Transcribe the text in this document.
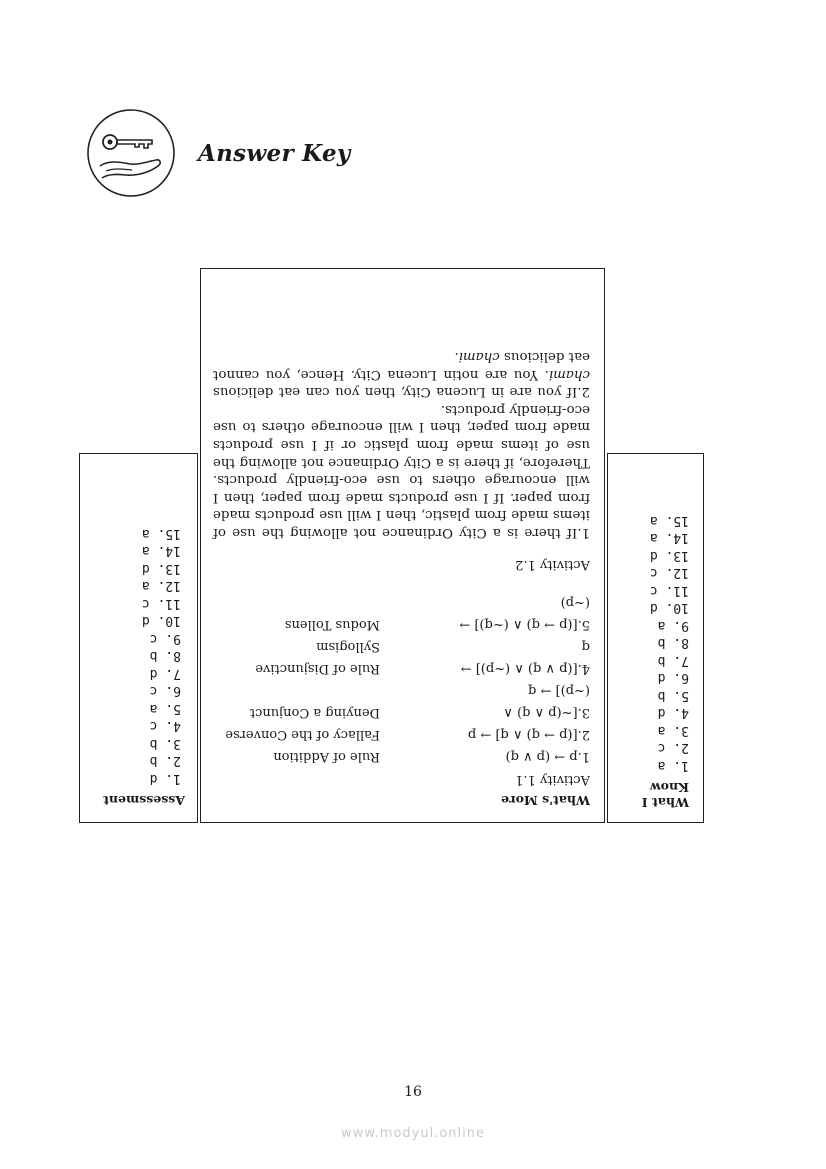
Answer Key
What I
Know
1. a
2. c
3. a
4. d
5. b
6. d
7. b
8. b
9. a
10. d
11. c
12. c
13. d
14. a
15. a
What's More
Activity 1.1
1.p → (p ∨ q)
Rule of Addition
2.[(p → q) ∧ q] → p
Fallacy of the Converse
3.[~(p ∧ q) ∧
Denying a Conjunct
(~p)] → q
4.[(p ∨ q) ∧ (~p)] →
Rule of Disjunctive
q
Syllogism
5.[(p → q) ∧ (~q)] →
Modus Tollens
(~p)
Activity 1.2
1.If there is a City Ordinance not allowing the use of items made from plastic, then I will use products made from paper. If I use products made from paper, then I will encourage others to use eco-friendly products. Therefore, if there is a City Ordinance not allowing the use of items made from plastic or if I use products made from paper, then I will encourage others to use eco-friendly products.
2.If you are in Lucena City, then you can eat delicious chami. You are notin Lucena City. Hence, you cannot eat delicious chami.
Assessment
1. d
2. b
3. b
4. c
5. a
6. c
7. d
8. b
9. c
10. d
11. c
12. a
13. d
14. a
15. a
16
www.modyul.online
